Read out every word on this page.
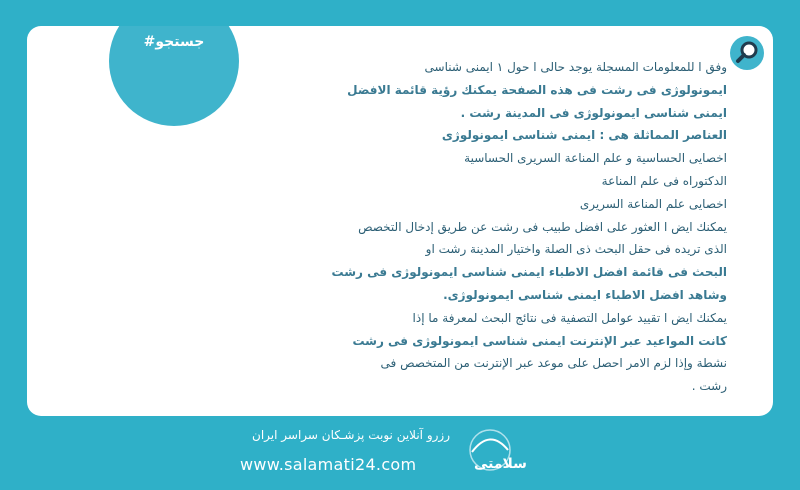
#جستجو

وفق ا للمعلومات المسجلة يوجد حالى ا حول ١ ايمنى شناسى

ايمونولوژی فی رشت فی هذه الصفحة يمكنك رؤية قائمة الافضل

ايمنى شناسى ايمونولوژى فى المدينة رشت .

العناصر المماثلة هى : ايمنى شناسى ايمونولوژى

اخصايى الحساسية و علم المناعة السريرى الحساسية

الدكتوراه فى علم المناعة

اخصايى علم المناعة السريرى

يمكنك ايض ا العثور على افضل طبيب فى رشت عن طريق إدخال التخصص

الذى تريده فى حقل البحث ذى الصلة واختيار المدينة رشت او

البحث فى قائمة افضل الاطباء ايمنى شناسى ايمونولوژى فى رشت

وشاهد افضل الاطباء ايمنى شناسى ايمونولوژى.

يمكنك ايض ا تقييد عوامل التصفية فى نتائج البحث لمعرفة ما إذا

كانت المواعيد عبر الإنترنت ايمنى شناسى ايمونولوژى فى رشت

نشطة وإذا لزم الامر احصل على موعد عبر الإنترنت من المتخصص فى

رشت .

رزرو آنلاین نوبت پزشـکان سراسر ایران
www.salamati24.com	سلامتی
